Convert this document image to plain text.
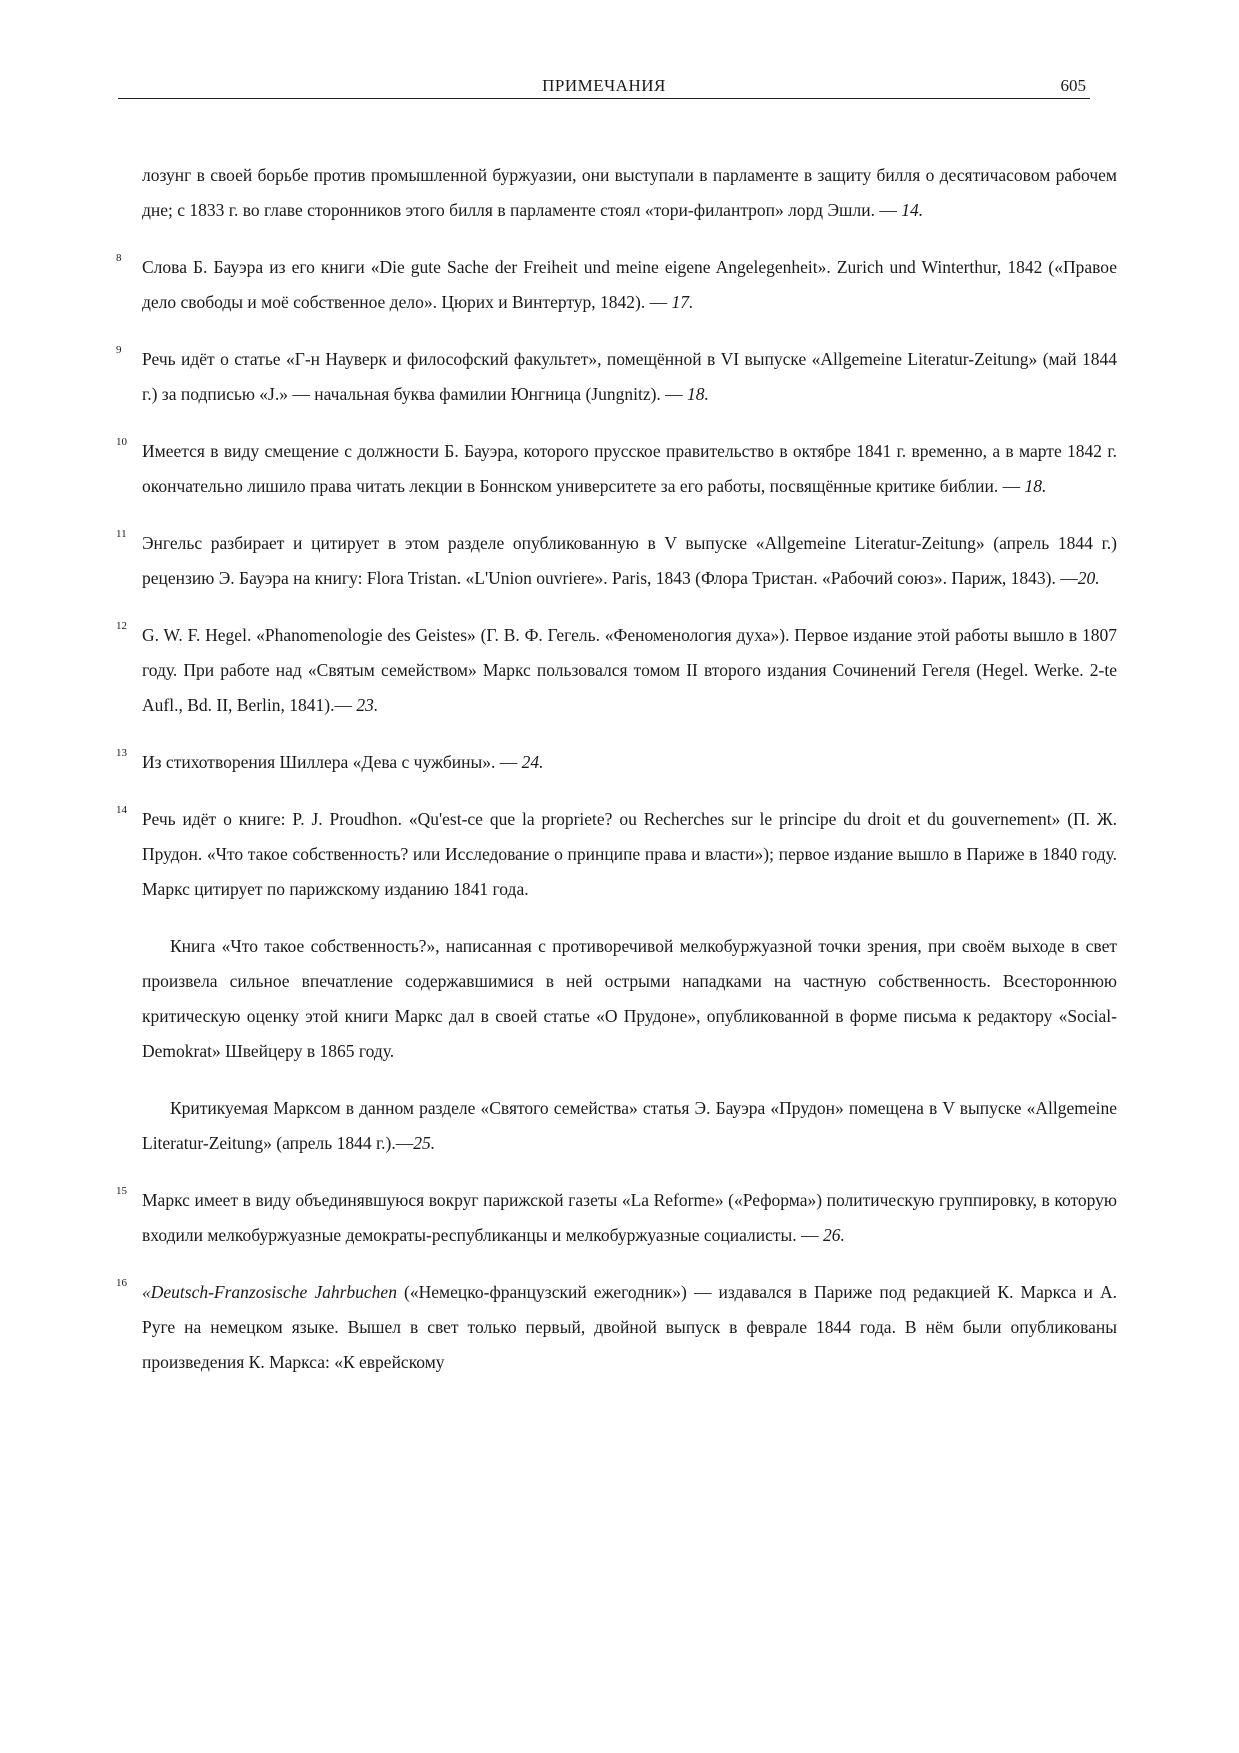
ПРИМЕЧАНИЯ	605
лозунг в своей борьбе против промышленной буржуазии, они выступали в парламенте в защиту билля о десятичасовом рабочем дне; с 1833 г. во главе сторонников этого билля в парламенте стоял «тори-филантроп» лорд Эшли. — 14.
8 Слова Б. Бауэра из его книги «Die gute Sache der Freiheit und meine eigene Angelegenheit». Zurich und Winterthur, 1842 («Правое дело свободы и моё собственное дело». Цюрих и Винтертур, 1842). — 17.
9 Речь идёт о статье «Г-н Науверк и философский факультет», помещённой в VI выпуске «Allgemeine Literatur-Zeitung» (май 1844 г.) за подписью «J.» — начальная буква фамилии Юнгница (Jungnitz). — 18.
10 Имеется в виду смещение с должности Б. Бауэра, которого прусское правительство в октябре 1841 г. временно, а в марте 1842 г. окончательно лишило права читать лекции в Боннском университете за его работы, посвящённые критике библии. — 18.
11 Энгельс разбирает и цитирует в этом разделе опубликованную в V выпуске «Allgemeine Literatur-Zeitung» (апрель 1844 г.) рецензию Э. Бауэра на книгу: Flora Tristan. «L'Union ouvriere». Paris, 1843 (Флора Тристан. «Рабочий союз». Париж, 1843). —20.
12 G. W. F. Hegel. «Phanomenologie des Geistes» (Г. В. Ф. Гегель. «Феноменология духа»). Первое издание этой работы вышло в 1807 году. При работе над «Святым семейством» Маркс пользовался томом II второго издания Сочинений Гегеля (Hegel. Werke. 2-te Aufl., Bd. II, Berlin, 1841).— 23.
13 Из стихотворения Шиллера «Дева с чужбины». — 24.
14 Речь идёт о книге: P. J. Proudhon. «Qu'est-ce que la propriete? ou Recherches sur le principe du droit et du gouvernement» (П. Ж. Прудон. «Что такое собственность? или Исследование о принципе права и власти»); первое издание вышло в Париже в 1840 году. Маркс цитирует по парижскому изданию 1841 года.
Книга «Что такое собственность?», написанная с противоречивой мелкобуржуазной точки зрения, при своём выходе в свет произвела сильное впечатление содержавшимися в ней острыми нападками на частную собственность. Всестороннюю критическую оценку этой книги Маркс дал в своей статье «О Прудоне», опубликованной в форме письма к редактору «Social-Demokrat» Швейцеру в 1865 году.
Критикуемая Марксом в данном разделе «Святого семейства» статья Э. Бауэра «Прудон» помещена в V выпуске «Allgemeine Literatur-Zeitung» (апрель 1844 г.).—25.
15 Маркс имеет в виду объединявшуюся вокруг парижской газеты «La Reforme» («Реформа») политическую группировку, в которую входили мелкобуржуазные демократы-республиканцы и мелкобуржуазные социалисты. — 26.
16 «Deutsch-Franzosische Jahrbuchen («Немецко-французский ежегодник») — издавался в Париже под редакцией К. Маркса и А. Руге на немецком языке. Вышел в свет только первый, двойной выпуск в феврале 1844 года. В нём были опубликованы произведения К. Маркса: «К еврейскому
